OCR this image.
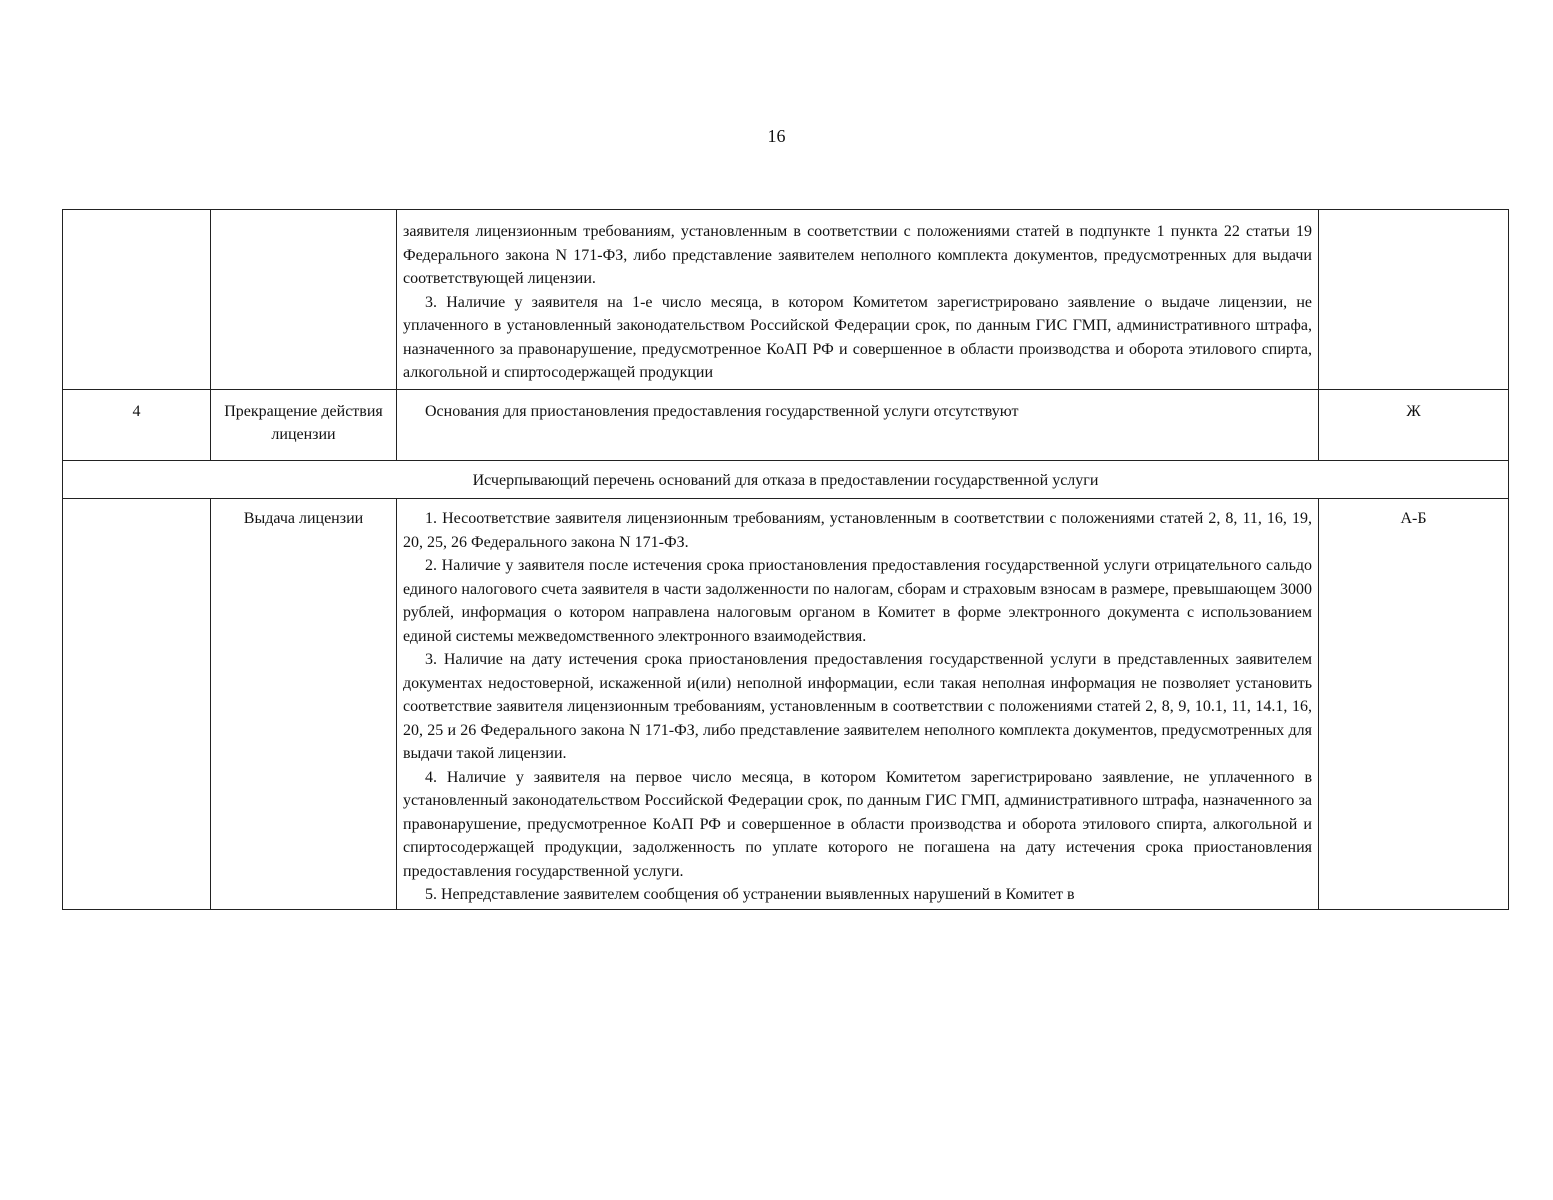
16

		заявителя лицензионным требованиям, установленным в соответствии с положениями статей в подпункте 1 пункта 22 статьи 19 Федерального закона N 171-ФЗ, либо представление заявителем неполного комплекта документов, предусмотренных для выдачи соответствующей лицензии.

3. Наличие у заявителя на 1-е число месяца, в котором Комитетом зарегистрировано заявление о выдаче лицензии, не уплаченного в установленный законодательством Российской Федерации срок, по данным ГИС ГМП, административного штрафа, назначенного за правонарушение, предусмотренное КоАП РФ и совершенное в области производства и оборота этилового спирта, алкогольной и спиртосодержащей продукции	

4	Прекращение действия лицензии	Основания для приостановления предоставления государственной услуги отсутствуют	Ж
Исчерпывающий перечень оснований для отказа в предоставлении государственной услуги			
	Выдача лицензии	1. Несоответствие заявителя лицензионным требованиям, установленным в соответствии с положениями статей 2, 8, 11, 16, 19, 20, 25, 26 Федерального закона N 171-ФЗ.

2. Наличие у заявителя после истечения срока приостановления предоставления государственной услуги отрицательного сальдо единого налогового счета заявителя в части задолженности по налогам, сборам и страховым взносам в размере, превышающем 3000 рублей, информация о котором направлена налоговым органом в Комитет в форме электронного документа с использованием единой системы межведомственного электронного взаимодействия.

3. Наличие на дату истечения срока приостановления предоставления государственной услуги в представленных заявителем документах недостоверной, искаженной и(или) неполной информации, если такая неполная информация не позволяет установить соответствие заявителя лицензионным требованиям, установленным в соответствии с положениями статей 2, 8, 9, 10.1, 11, 14.1, 16, 20, 25 и 26 Федерального закона N 171-ФЗ, либо представление заявителем неполного комплекта документов, предусмотренных для выдачи такой лицензии.

4. Наличие у заявителя на первое число месяца, в котором Комитетом зарегистрировано заявление, не уплаченного в установленный законодательством Российской Федерации срок, по данным ГИС ГМП, административного штрафа, назначенного за правонарушение, предусмотренное КоАП РФ и совершенное в области производства и оборота этилового спирта, алкогольной и спиртосодержащей продукции, задолженность по уплате которого не погашена на дату истечения срока приостановления предоставления государственной услуги.

5. Непредставление заявителем сообщения об устранении выявленных нарушений в Комитет в	А-Б
